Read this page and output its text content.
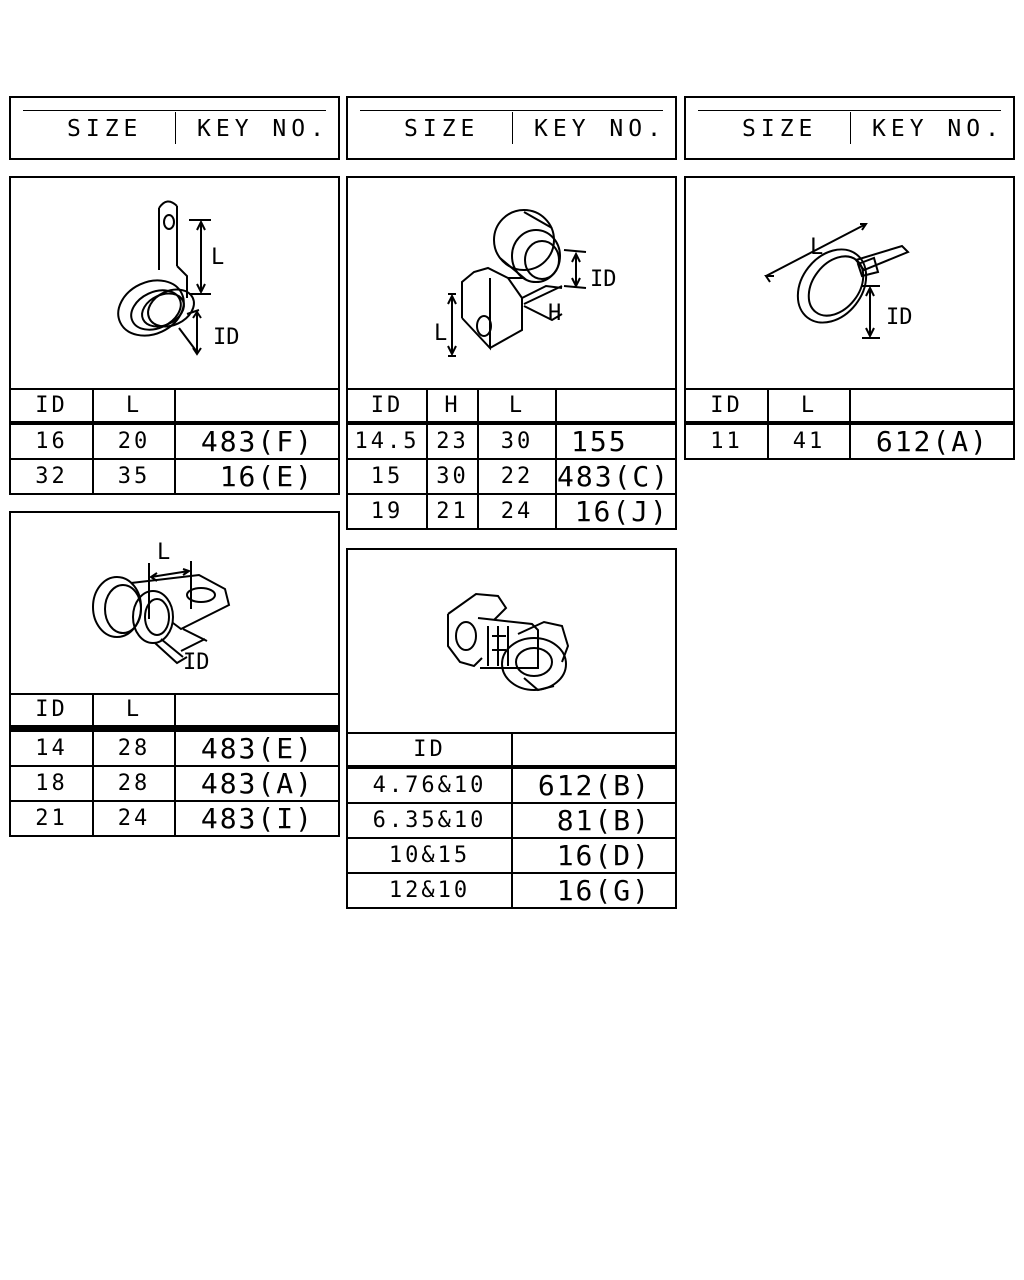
SIZE KEY NO.	SIZE KEY NO.	SIZE KEY NO.
L
ID
ID	L	
16	20	483(F)
32	35	16(E)
ID
H
L
ID	H	L	
14.5	23	30	155
15	30	22	483(C)
19	21	24	16(J)
L
ID
ID	L	
11	41	612(A)
L
ID
ID	L	
14	28	483(E)
18	28	483(A)
21	24	483(I)
ID	
4.76&10	612(B)
6.35&10	81(B)
10&15	16(D)
12&10	16(G)
